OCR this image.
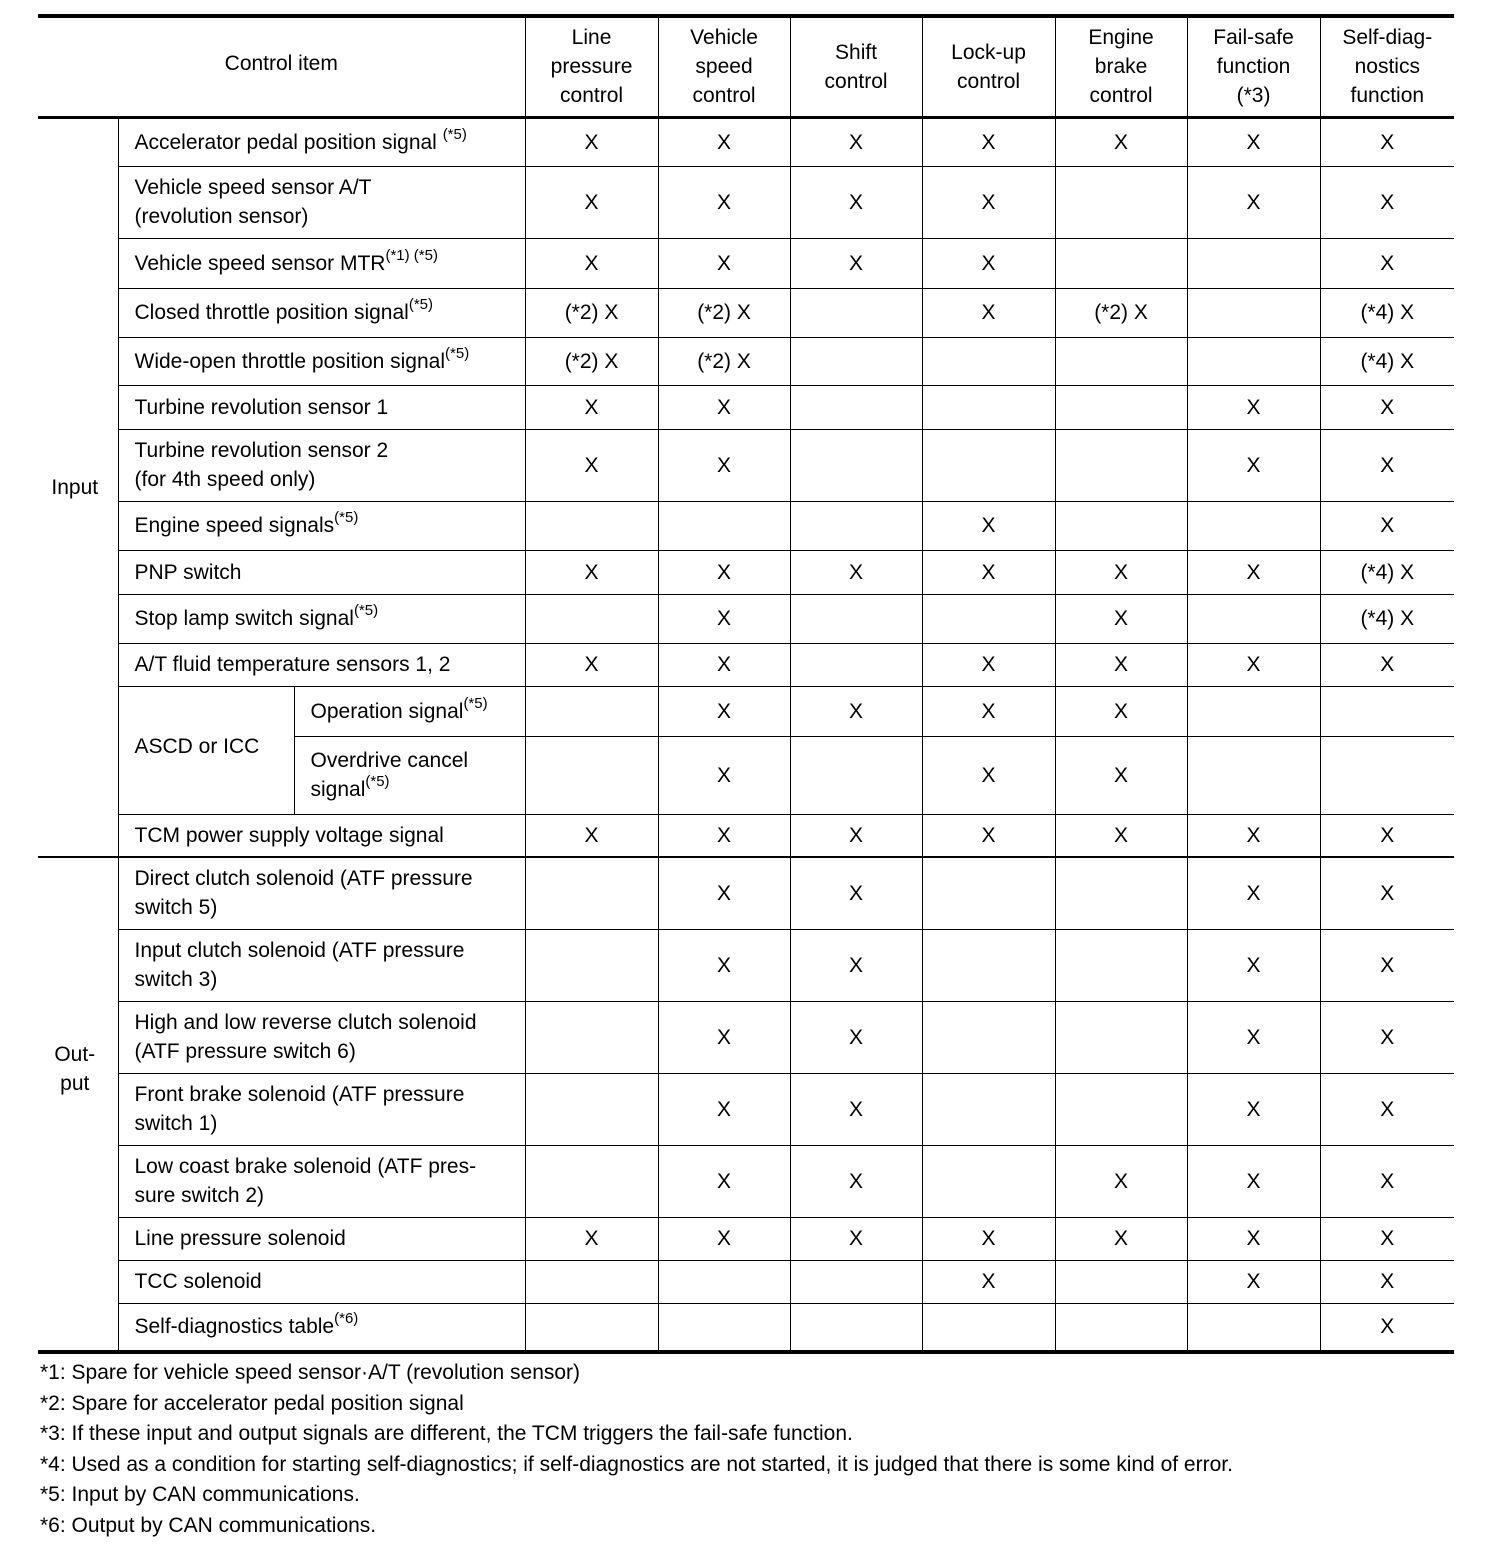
Control item			Line
pressure
control	Vehicle
speed
control	Shift
control	Lock-up
control	Engine
brake
control	Fail-safe
function
(*3)	Self-diag-
nostics
function
Input	Accelerator pedal position signal $^{(*5)}$		X	X	X	X	X	X	X
	Vehicle speed sensor A/T
(revolution sensor)		X	X	X	X		X	X
	Vehicle speed sensor $MTR^{(*1) (*5)}$		X	X	X	X			X
	Closed throttle position signal$^{(*5)}$		(*2) X	(*2) X		X	(*2) X		(*4) X
	Wide-open throttle position signal$^{(*5)}$		(*2) X	(*2) X					(*4) X
	Turbine revolution sensor 1		X	X				X	X
	Turbine revolution sensor 2
(for 4th speed only)		X	X				X	X
	Engine speed signals$^{(*5)}$					X			X
	PNP switch		X	X	X	X	X	X	(*4) X
	Stop lamp switch signal$^{(*5)}$			X			X		(*4) X
	A/T fluid temperature sensors 1, 2		X	X		X	X	X	X
	ASCD or ICC	Operation signal$^{(*5)}$		X	X	X	X		
		Overdrive cancel
signal$^{(*5)}$		X		X	X		
	TCM power supply voltage signal		X	X	X	X	X	X	X
Out-
put	Direct clutch solenoid (ATF pressure
switch 5)			X	X			X	X
	Input clutch solenoid (ATF pressure
switch 3)			X	X			X	X
	High and low reverse clutch solenoid
(ATF pressure switch 6)			X	X			X	X
	Front brake solenoid (ATF pressure
switch 1)			X	X			X	X
	Low coast brake solenoid (ATF pres-
sure switch 2)			X	X		X	X	X
	Line pressure solenoid		X	X	X	X	X	X	X
	TCC solenoid					X		X	X
	Self-diagnostics table$^{(*6)}$								X
*1: Spare for vehicle speed sensor·A/T (revolution sensor)
*2: Spare for accelerator pedal position signal
*3: If these input and output signals are different, the TCM triggers the fail-safe function.
*4: Used as a condition for starting self-diagnostics; if self-diagnostics are not started, it is judged that there is some kind of error.
*5: Input by CAN communications.
*6: Output by CAN communications.
